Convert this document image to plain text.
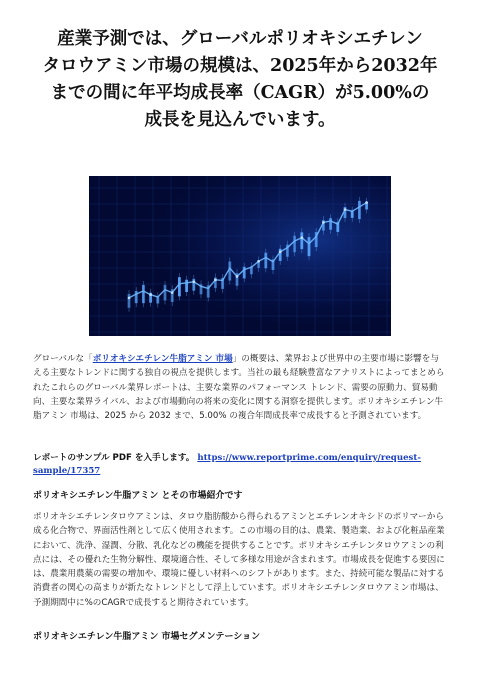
産業予測では、グローバルポリオキシエチレン
タロウアミン市場の規模は、2025年から2032年
までの間に年平均成長率（CAGR）が5.00%の
成長を見込んでいます。

グローバルな「ポリオキシエチレン牛脂アミン 市場」の概要は、業界および世界中の主要市場に影響を与える主要なトレンドに関する独自の視点を提供します。当社の最も経験豊富なアナリストによってまとめられたこれらのグローバル業界レポートは、主要な業界のパフォーマンス トレンド、需要の原動力、貿易動向、主要な業界ライバル、および市場動向の将来の変化に関する洞察を提供します。ポリオキシエチレン牛脂アミン 市場は、2025 から 2032 まで、5.00% の複合年間成長率で成長すると予測されています。

レポートのサンプル PDF を入手します。 https://www.reportprime.com/enquiry/request-sample/17357

ポリオキシエチレン牛脂アミン とその市場紹介です

ポリオキシエチレンタロウアミンは、タロウ脂肪酸から得られるアミンとエチレンオキシドのポリマーから成る化合物で、界面活性剤として広く使用されます。この市場の目的は、農業、製造業、および化粧品産業において、洗浄、湿潤、分散、乳化などの機能を提供することです。ポリオキシエチレンタロウアミンの利点には、その優れた生物分解性、環境適合性、そして多様な用途が含まれます。市場成長を促進する要因には、農業用農薬の需要の増加や、環境に優しい材料へのシフトがあります。また、持続可能な製品に対する消費者の関心の高まりが新たなトレンドとして浮上しています。ポリオキシエチレンタロウアミン市場は、予測期間中に%のCAGRで成長すると期待されています。

ポリオキシエチレン牛脂アミン 市場セグメンテーション
